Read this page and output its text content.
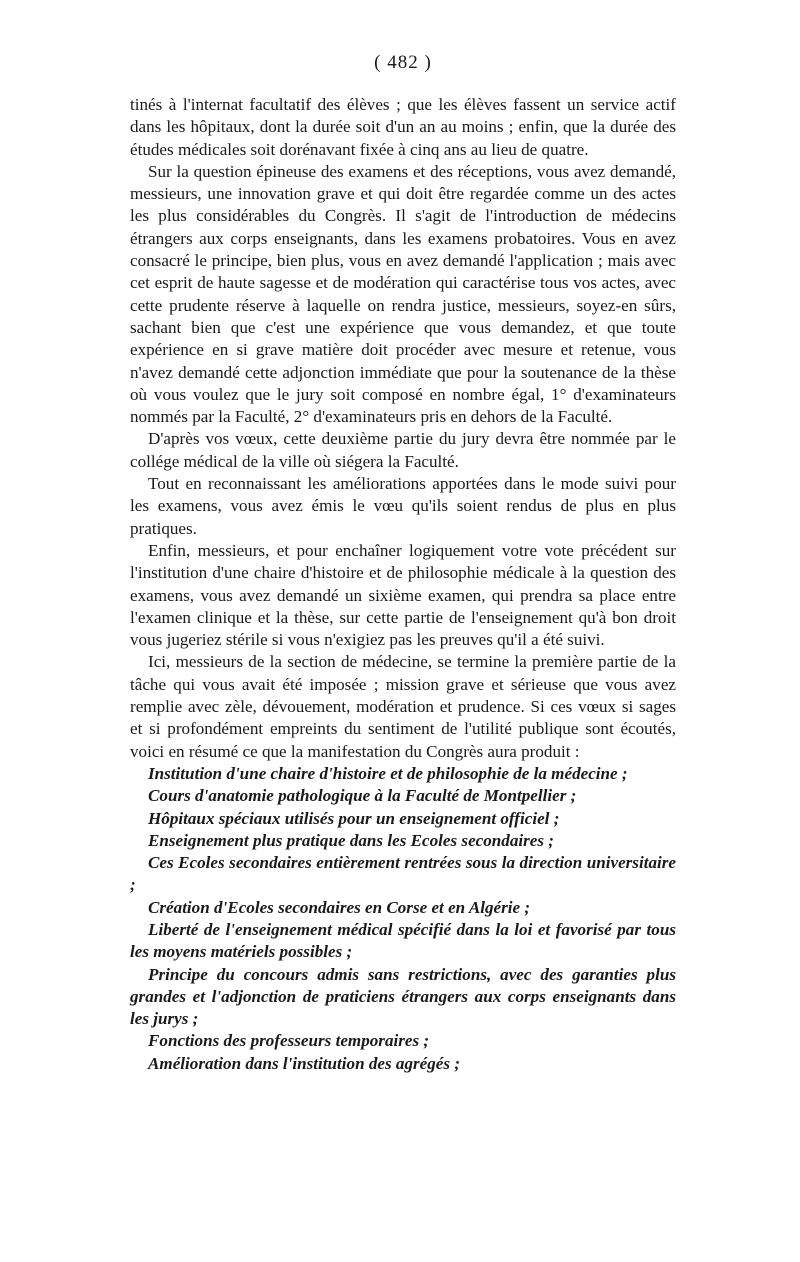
( 482 )

tinés à l'internat facultatif des élèves ; que les élèves fassent un service actif dans les hôpitaux, dont la durée soit d'un an au moins ; enfin, que la durée des études médicales soit dorénavant fixée à cinq ans au lieu de quatre.

Sur la question épineuse des examens et des réceptions, vous avez demandé, messieurs, une innovation grave et qui doit être regardée comme un des actes les plus considérables du Congrès. Il s'agit de l'introduction de médecins étrangers aux corps enseignants, dans les examens probatoires. Vous en avez consacré le principe, bien plus, vous en avez demandé l'application ; mais avec cet esprit de haute sagesse et de modération qui caractérise tous vos actes, avec cette prudente réserve à laquelle on rendra justice, messieurs, soyez-en sûrs, sachant bien que c'est une expérience que vous demandez, et que toute expérience en si grave matière doit procéder avec mesure et retenue, vous n'avez demandé cette adjonction immédiate que pour la soutenance de la thèse où vous voulez que le jury soit composé en nombre égal, 1° d'examinateurs nommés par la Faculté, 2° d'examinateurs pris en dehors de la Faculté.

D'après vos vœux, cette deuxième partie du jury devra être nommée par le collége médical de la ville où siégera la Faculté.

Tout en reconnaissant les améliorations apportées dans le mode suivi pour les examens, vous avez émis le vœu qu'ils soient rendus de plus en plus pratiques.

Enfin, messieurs, et pour enchaîner logiquement votre vote précédent sur l'institution d'une chaire d'histoire et de philosophie médicale à la question des examens, vous avez demandé un sixième examen, qui prendra sa place entre l'examen clinique et la thèse, sur cette partie de l'enseignement qu'à bon droit vous jugeriez stérile si vous n'exigiez pas les preuves qu'il a été suivi.

Ici, messieurs de la section de médecine, se termine la première partie de la tâche qui vous avait été imposée ; mission grave et sérieuse que vous avez remplie avec zèle, dévouement, modération et prudence. Si ces vœux si sages et si profondément empreints du sentiment de l'utilité publique sont écoutés, voici en résumé ce que la manifestation du Congrès aura produit :

Institution d'une chaire d'histoire et de philosophie de la médecine ;
Cours d'anatomie pathologique à la Faculté de Montpellier ;
Hôpitaux spéciaux utilisés pour un enseignement officiel ;
Enseignement plus pratique dans les Ecoles secondaires ;
Ces Ecoles secondaires entièrement rentrées sous la direction universitaire ;
Création d'Ecoles secondaires en Corse et en Algérie ;
Liberté de l'enseignement médical spécifié dans la loi et favorisé par tous les moyens matériels possibles ;
Principe du concours admis sans restrictions, avec des garanties plus grandes et l'adjonction de praticiens étrangers aux corps enseignants dans les jurys ;
Fonctions des professeurs temporaires ;
Amélioration dans l'institution des agrégés ;
